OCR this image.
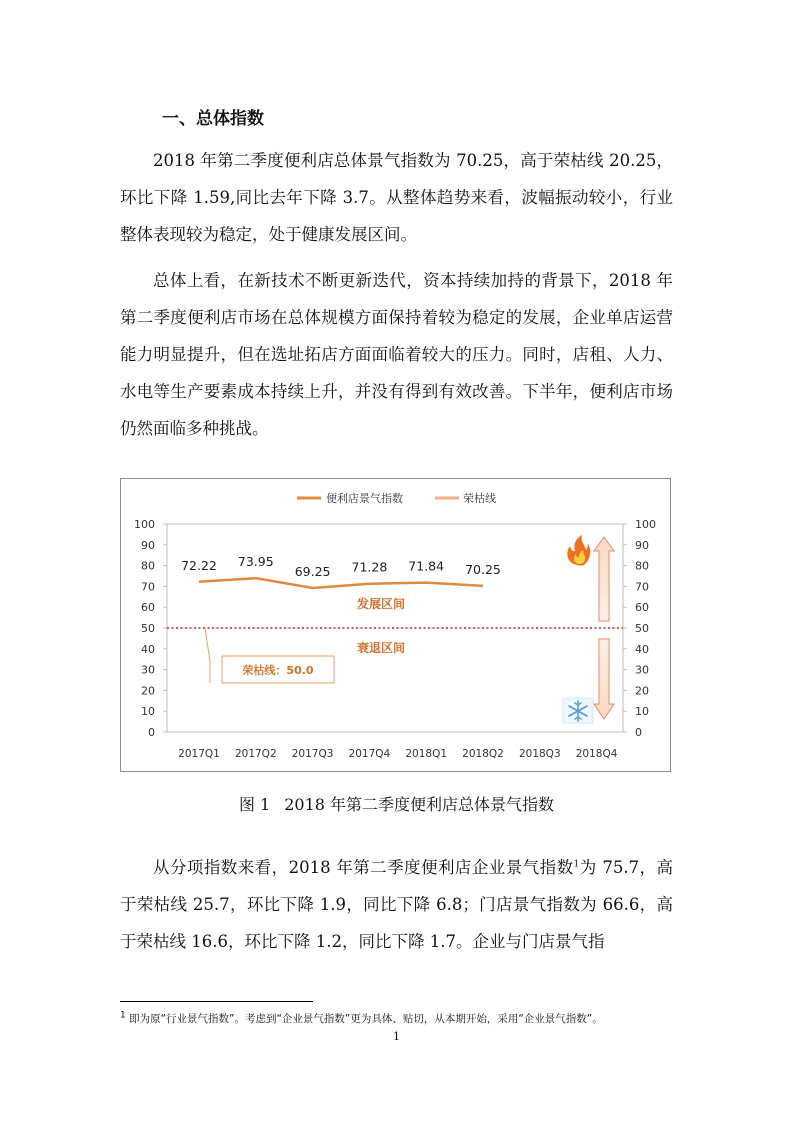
一、总体指数

2018 年第二季度便利店总体景气指数为 70.25，高于荣枯线 20.25，环比下降 1.59,同比去年下降 3.7。从整体趋势来看，波幅振动较小，行业整体表现较为稳定，处于健康发展区间。

总体上看，在新技术不断更新迭代，资本持续加持的背景下，2018 年第二季度便利店市场在总体规模方面保持着较为稳定的发展，企业单店运营能力明显提升，但在选址拓店方面面临着较大的压力。同时，店租、人力、水电等生产要素成本持续上升，并没有得到有效改善。下半年，便利店市场仍然面临多种挑战。

便利店景气指数	荣枯线
0
10
20
30
40
50
60
70
80
90
100
0
10
20
30
40
50
60
70
80
90
100
2017Q1 2017Q2 2017Q3 2017Q4 2018Q1 2018Q2 2018Q3 2018Q4
发展区间
衰退区间
荣枯线：50.0
72.22 73.95
69.25 71.28 71.84 70.25
图 1 2018 年第二季度便利店总体景气指数

从分项指数来看，2018 年第二季度便利店企业景气指数$^1$为 75.7，高于荣枯线 25.7，环比下降 1.9，同比下降 6.8；门店景气指数为 66.6，高于荣枯线 16.6，环比下降 1.2，同比下降 1.7。企业与门店景气指

$^1$ 即为原“行业景气指数”。考虑到“企业景气指数”更为具体、贴切，从本期开始，采用“企业景气指数”。
1
